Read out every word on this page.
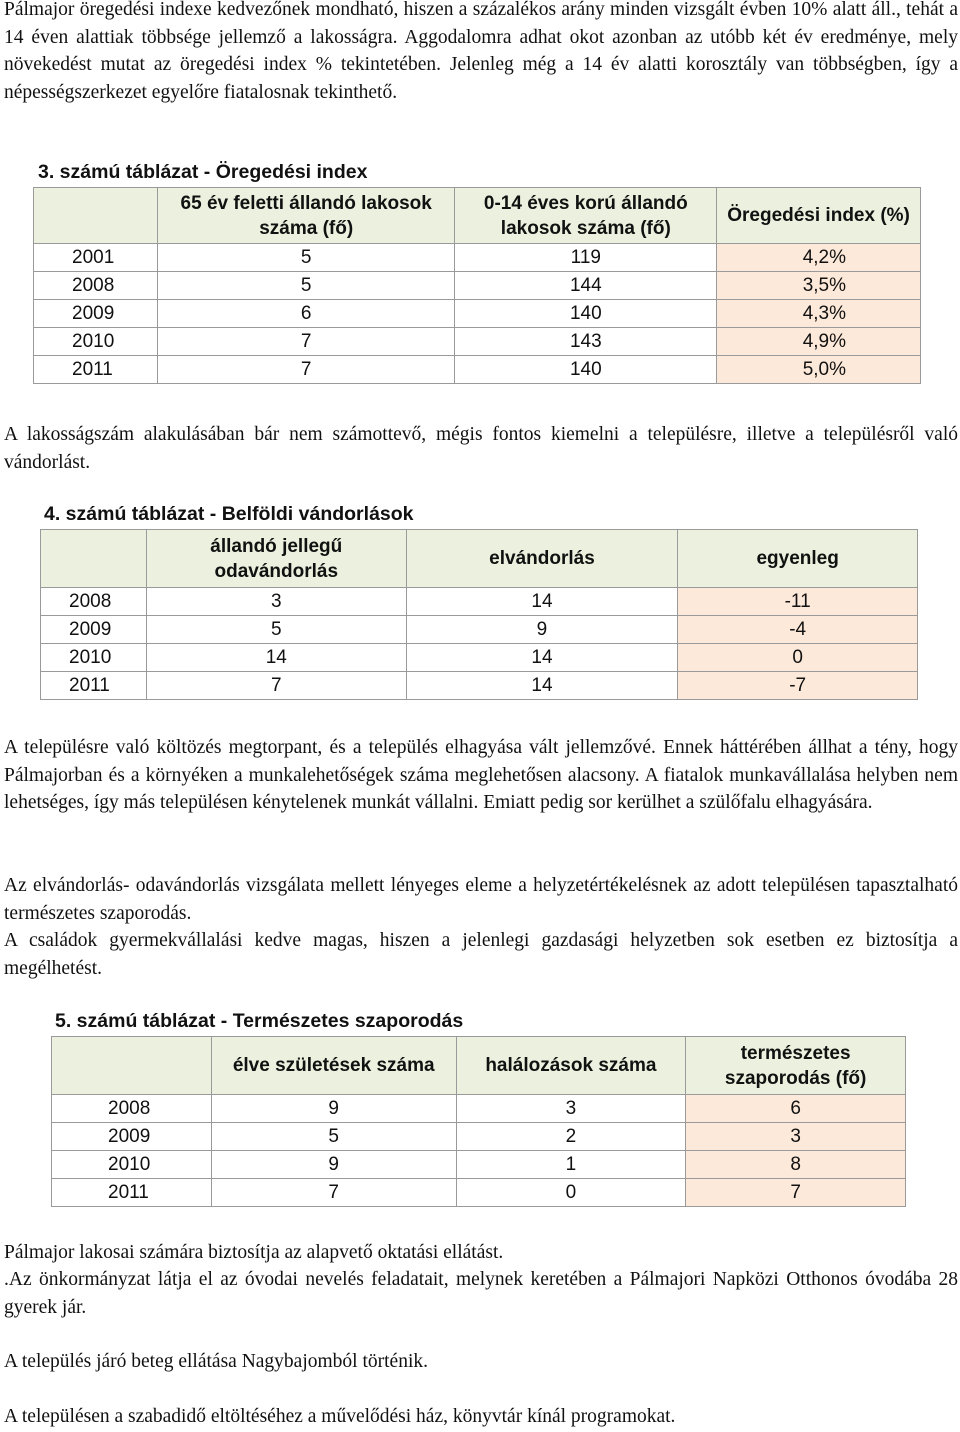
Pálmajor öregedési indexe kedvezőnek mondható, hiszen a százalékos arány minden vizsgált évben 10% alatt áll., tehát a 14 éven alattiak többsége jellemző a lakosságra. Aggodalomra adhat okot azonban az utóbb két év eredménye, mely növekedést mutat az öregedési index % tekintetében. Jelenleg még a 14 év alatti korosztály van többségben, így a népességszerkezet egyelőre fiatalosnak tekinthető.

3. számú táblázat - Öregedési index
	65 év feletti állandó lakosok száma (fő)	0-14 éves korú állandó lakosok száma (fő)	Öregedési index (%)
2001	5	119	4,2%
2008	5	144	3,5%
2009	6	140	4,3%
2010	7	143	4,9%
2011	7	140	5,0%

A lakosságszám alakulásában bár nem számottevő, mégis fontos kiemelni a településre, illetve a településről való vándorlást.

4. számú táblázat - Belföldi vándorlások
	állandó jellegű odavándorlás	elvándorlás	egyenleg
2008	3	14	-11
2009	5	9	-4
2010	14	14	0
2011	7	14	-7

A településre való költözés megtorpant, és a település elhagyása vált jellemzővé. Ennek háttérében állhat a tény, hogy Pálmajorban és a környéken a munkalehetőségek száma meglehetősen alacsony. A fiatalok munkavállalása helyben nem lehetséges, így más településen kénytelenek munkát vállalni. Emiatt pedig sor kerülhet a szülőfalu elhagyására.

Az elvándorlás- odavándorlás vizsgálata mellett lényeges eleme a helyzetértékelésnek az adott településen tapasztalható természetes szaporodás.

A családok gyermekvállalási kedve magas, hiszen a jelenlegi gazdasági helyzetben sok esetben ez biztosítja a megélhetést.

5. számú táblázat - Természetes szaporodás
	élve születések száma	halálozások száma	természetes szaporodás (fő)
2008	9	3	6
2009	5	2	3
2010	9	1	8
2011	7	0	7

Pálmajor lakosai számára biztosítja az alapvető oktatási ellátást.

.Az önkormányzat látja el az óvodai nevelés feladatait, melynek keretében a Pálmajori Napközi Otthonos óvodába 28 gyerek jár.

A település járó beteg ellátása Nagybajomból történik.

A településen a szabadidő eltöltéséhez a művelődési ház, könyvtár kínál programokat.
